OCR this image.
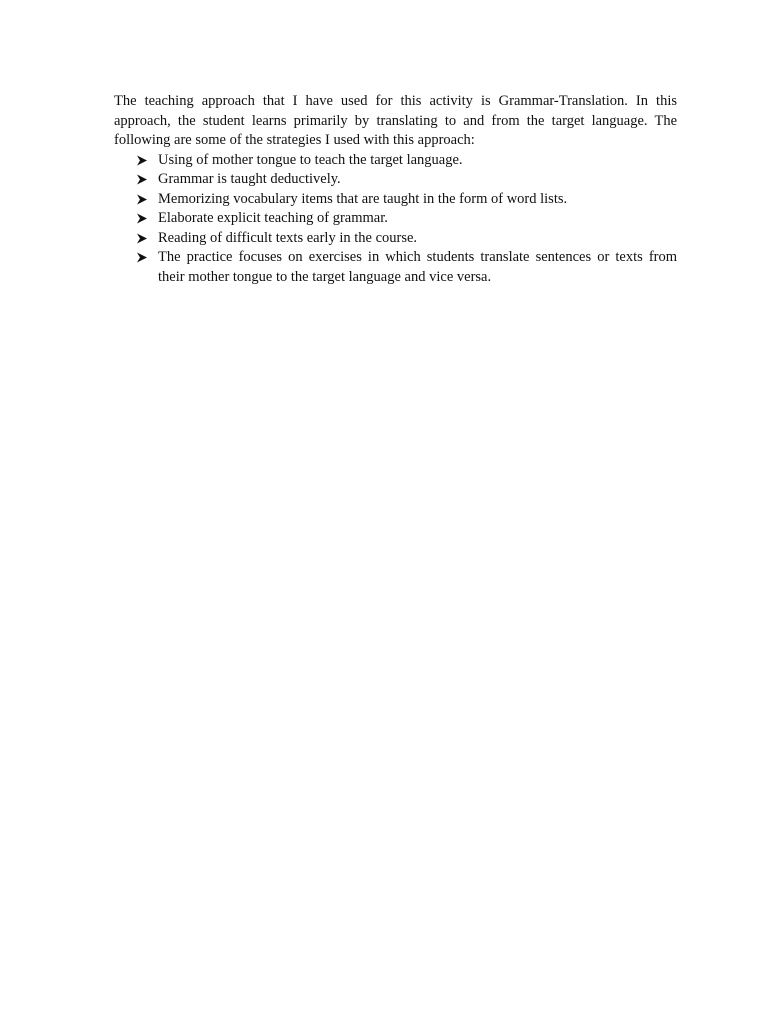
The teaching approach that I have used for this activity is Grammar-Translation. In this approach, the student learns primarily by translating to and from the target language. The following are some of the strategies I used with this approach:

Using of mother tongue to teach the target language.
Grammar is taught deductively.
Memorizing vocabulary items that are taught in the form of word lists.
Elaborate explicit teaching of grammar.
Reading of difficult texts early in the course.
The practice focuses on exercises in which students translate sentences or texts from their mother tongue to the target language and vice versa.
